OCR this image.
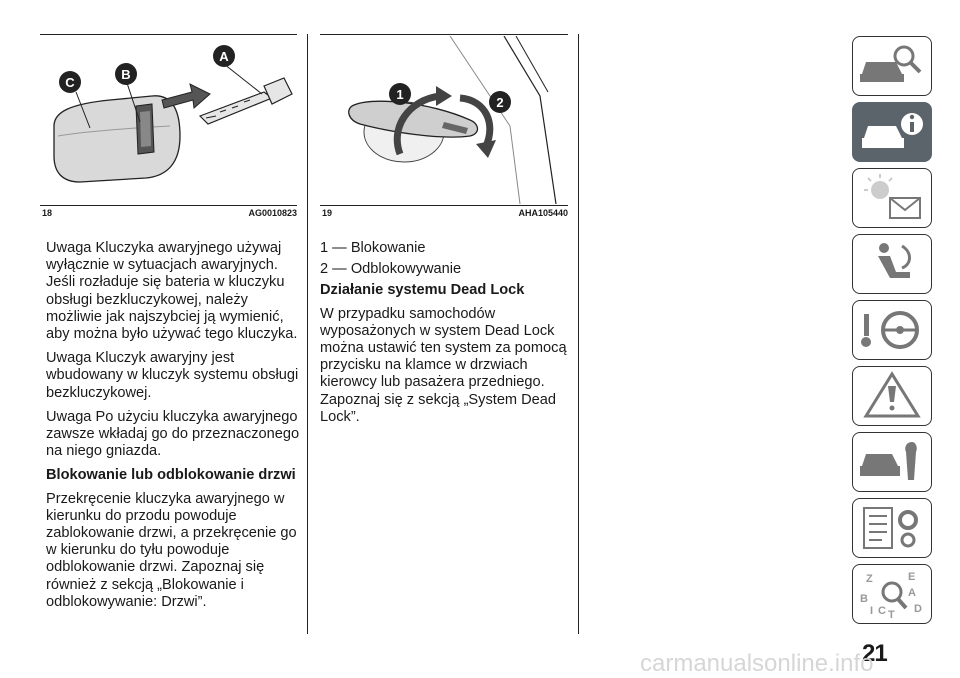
C
B
A
18	AG0010823
1
2
19	AHA105440

Uwaga Kluczyka awaryjnego używaj wyłącznie w sytuacjach awaryjnych. Jeśli rozładuje się bateria w kluczyku obsługi bezkluczykowej, należy możliwie jak najszybciej ją wymienić, aby można było używać tego kluczyka.

Uwaga Kluczyk awaryjny jest wbudowany w kluczyk systemu obsługi bezkluczykowej.

Uwaga Po użyciu kluczyka awaryjnego zawsze wkładaj go do przeznaczonego na niego gniazda.

Blokowanie lub odblokowanie drzwi

Przekręcenie kluczyka awaryjnego w kierunku do przodu powoduje zablokowanie drzwi, a przekręcenie go w kierunku do tyłu powoduje odblokowanie drzwi. Zapoznaj się również z sekcją „Blokowanie i odblokowywanie: Drzwi”.

1 — Blokowanie

2 — Odblokowywanie

Działanie systemu Dead Lock

W przypadku samochodów wyposażonych w system Dead Lock można ustawić ten system za pomocą przycisku na klamce w drzwiach kierowcy lub pasażera przedniego. Zapoznaj się z sekcją „System Dead Lock”.

Z	E
A
B
C T D
I
21
carmanualsonline.info
